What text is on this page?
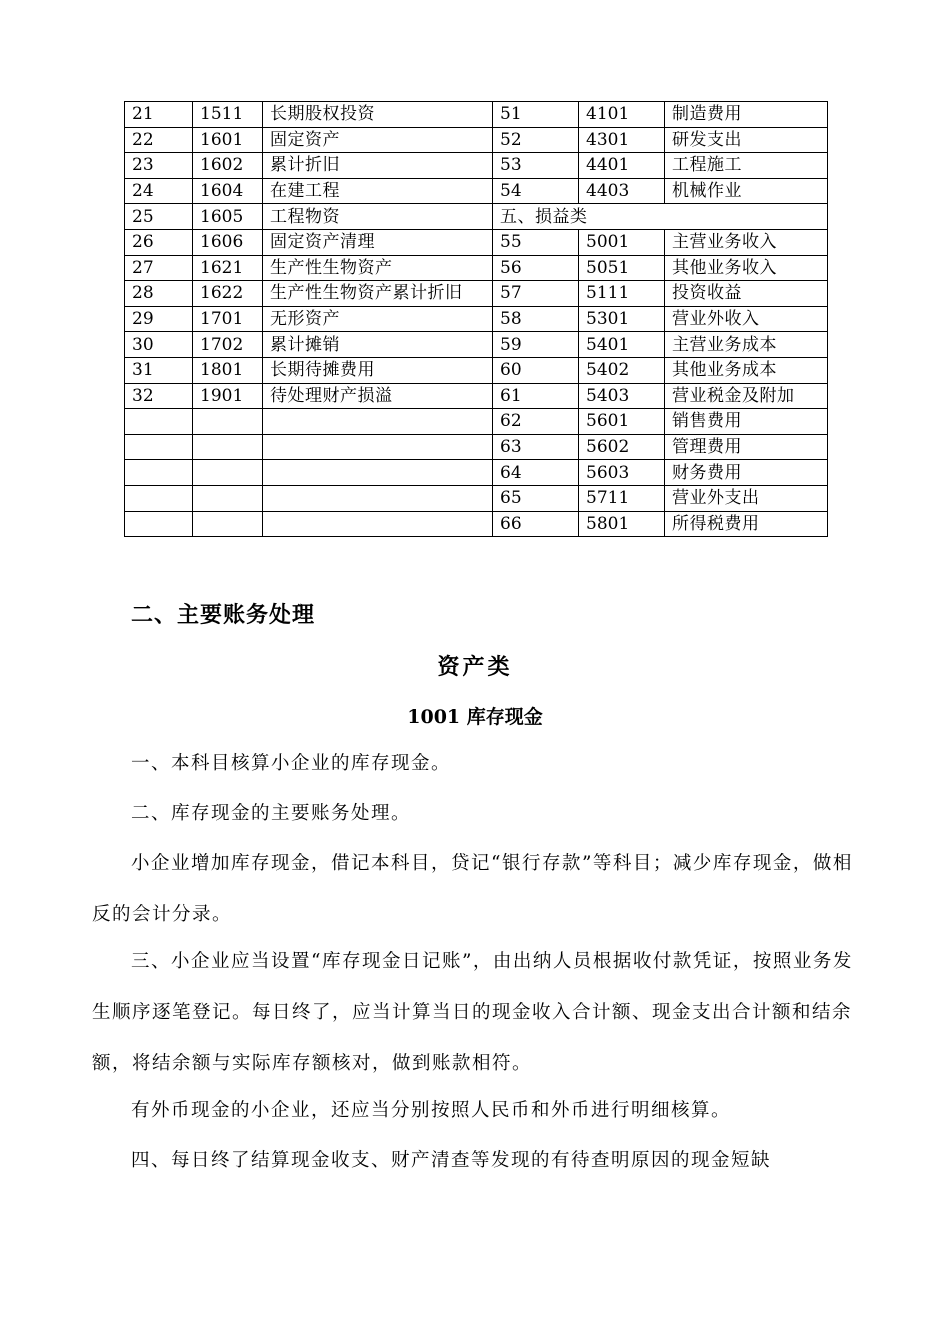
21	1511	长期股权投资	51	4101	制造费用
22	1601	固定资产	52	4301	研发支出
23	1602	累计折旧	53	4401	工程施工
24	1604	在建工程	54	4403	机械作业
25	1605	工程物资	五、损益类		
26	1606	固定资产清理	55	5001	主营业务收入
27	1621	生产性生物资产	56	5051	其他业务收入
28	1622	生产性生物资产累计折旧	57	5111	投资收益
29	1701	无形资产	58	5301	营业外收入
30	1702	累计摊销	59	5401	主营业务成本
31	1801	长期待摊费用	60	5402	其他业务成本
32	1901	待处理财产损溢	61	5403	营业税金及附加
			62	5601	销售费用
			63	5602	管理费用
			64	5603	财务费用
			65	5711	营业外支出
			66	5801	所得税费用
二、主要账务处理
资产类
1001 库存现金

一、本科目核算小企业的库存现金。

二、库存现金的主要账务处理。

小企业增加库存现金，借记本科目，贷记“银行存款”等科目；减少库存现金，做相反的会计分录。

三、小企业应当设置“库存现金日记账”，由出纳人员根据收付款凭证，按照业务发生顺序逐笔登记。每日终了，应当计算当日的现金收入合计额、现金支出合计额和结余额，将结余额与实际库存额核对，做到账款相符。

有外币现金的小企业，还应当分别按照人民币和外币进行明细核算。

四、每日终了结算现金收支、财产清查等发现的有待查明原因的现金短缺
